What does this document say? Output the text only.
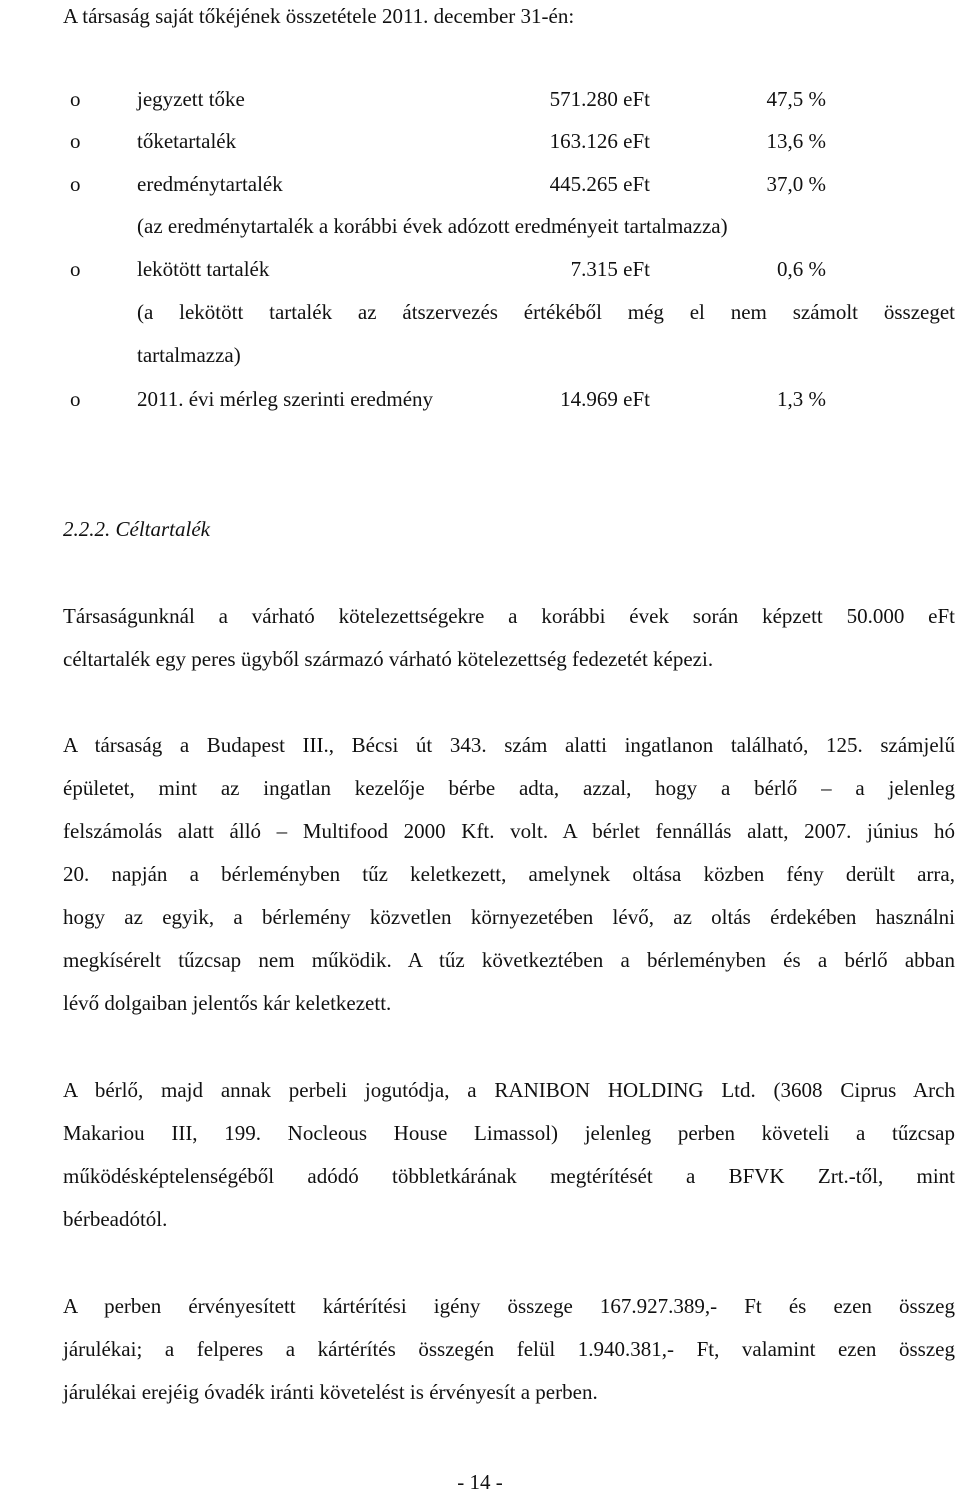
A társaság saját tőkéjének összetétele 2011. december 31-én:
o	jegyzett tőke	571.280 eFt	47,5 %
o	tőketartalék	163.126 eFt	13,6 %
o	eredménytartalék	445.265 eFt	37,0 %
(az eredménytartalék a korábbi évek adózott eredményeit tartalmazza)
o	lekötött tartalék	7.315 eFt	0,6 %
(a lekötött tartalék az átszervezés értékéből még el nem számolt összeget
tartalmazza)
o	2011. évi mérleg szerinti eredmény	14.969 eFt	1,3 %
2.2.2. Céltartalék
Társaságunknál a várható kötelezettségekre a korábbi évek során képzett 50.000 eFt
céltartalék egy peres ügyből származó várható kötelezettség fedezetét képezi.
A társaság a Budapest III., Bécsi út 343. szám alatti ingatlanon található, 125. számjelű
épületet, mint az ingatlan kezelője bérbe adta, azzal, hogy a bérlő – a jelenleg
felszámolás alatt álló – Multifood 2000 Kft. volt. A bérlet fennállás alatt, 2007. június hó
20. napján a bérleményben tűz keletkezett, amelynek oltása közben fény derült arra,
hogy az egyik, a bérlemény közvetlen környezetében lévő, az oltás érdekében használni
megkísérelt tűzcsap nem működik. A tűz következtében a bérleményben és a bérlő abban
lévő dolgaiban jelentős kár keletkezett.
A bérlő, majd annak perbeli jogutódja, a RANIBON HOLDING Ltd. (3608 Ciprus Arch
Makariou III, 199. Nocleous House Limassol) jelenleg perben követeli a tűzcsap
működésképtelenségéből adódó többletkárának megtérítését a BFVK Zrt.-től, mint
bérbeadótól.
A perben érvényesített kártérítési igény összege 167.927.389,- Ft és ezen összeg
járulékai; a felperes a kártérítés összegén felül 1.940.381,- Ft, valamint ezen összeg
járulékai erejéig óvadék iránti követelést is érvényesít a perben.
- 14 -
